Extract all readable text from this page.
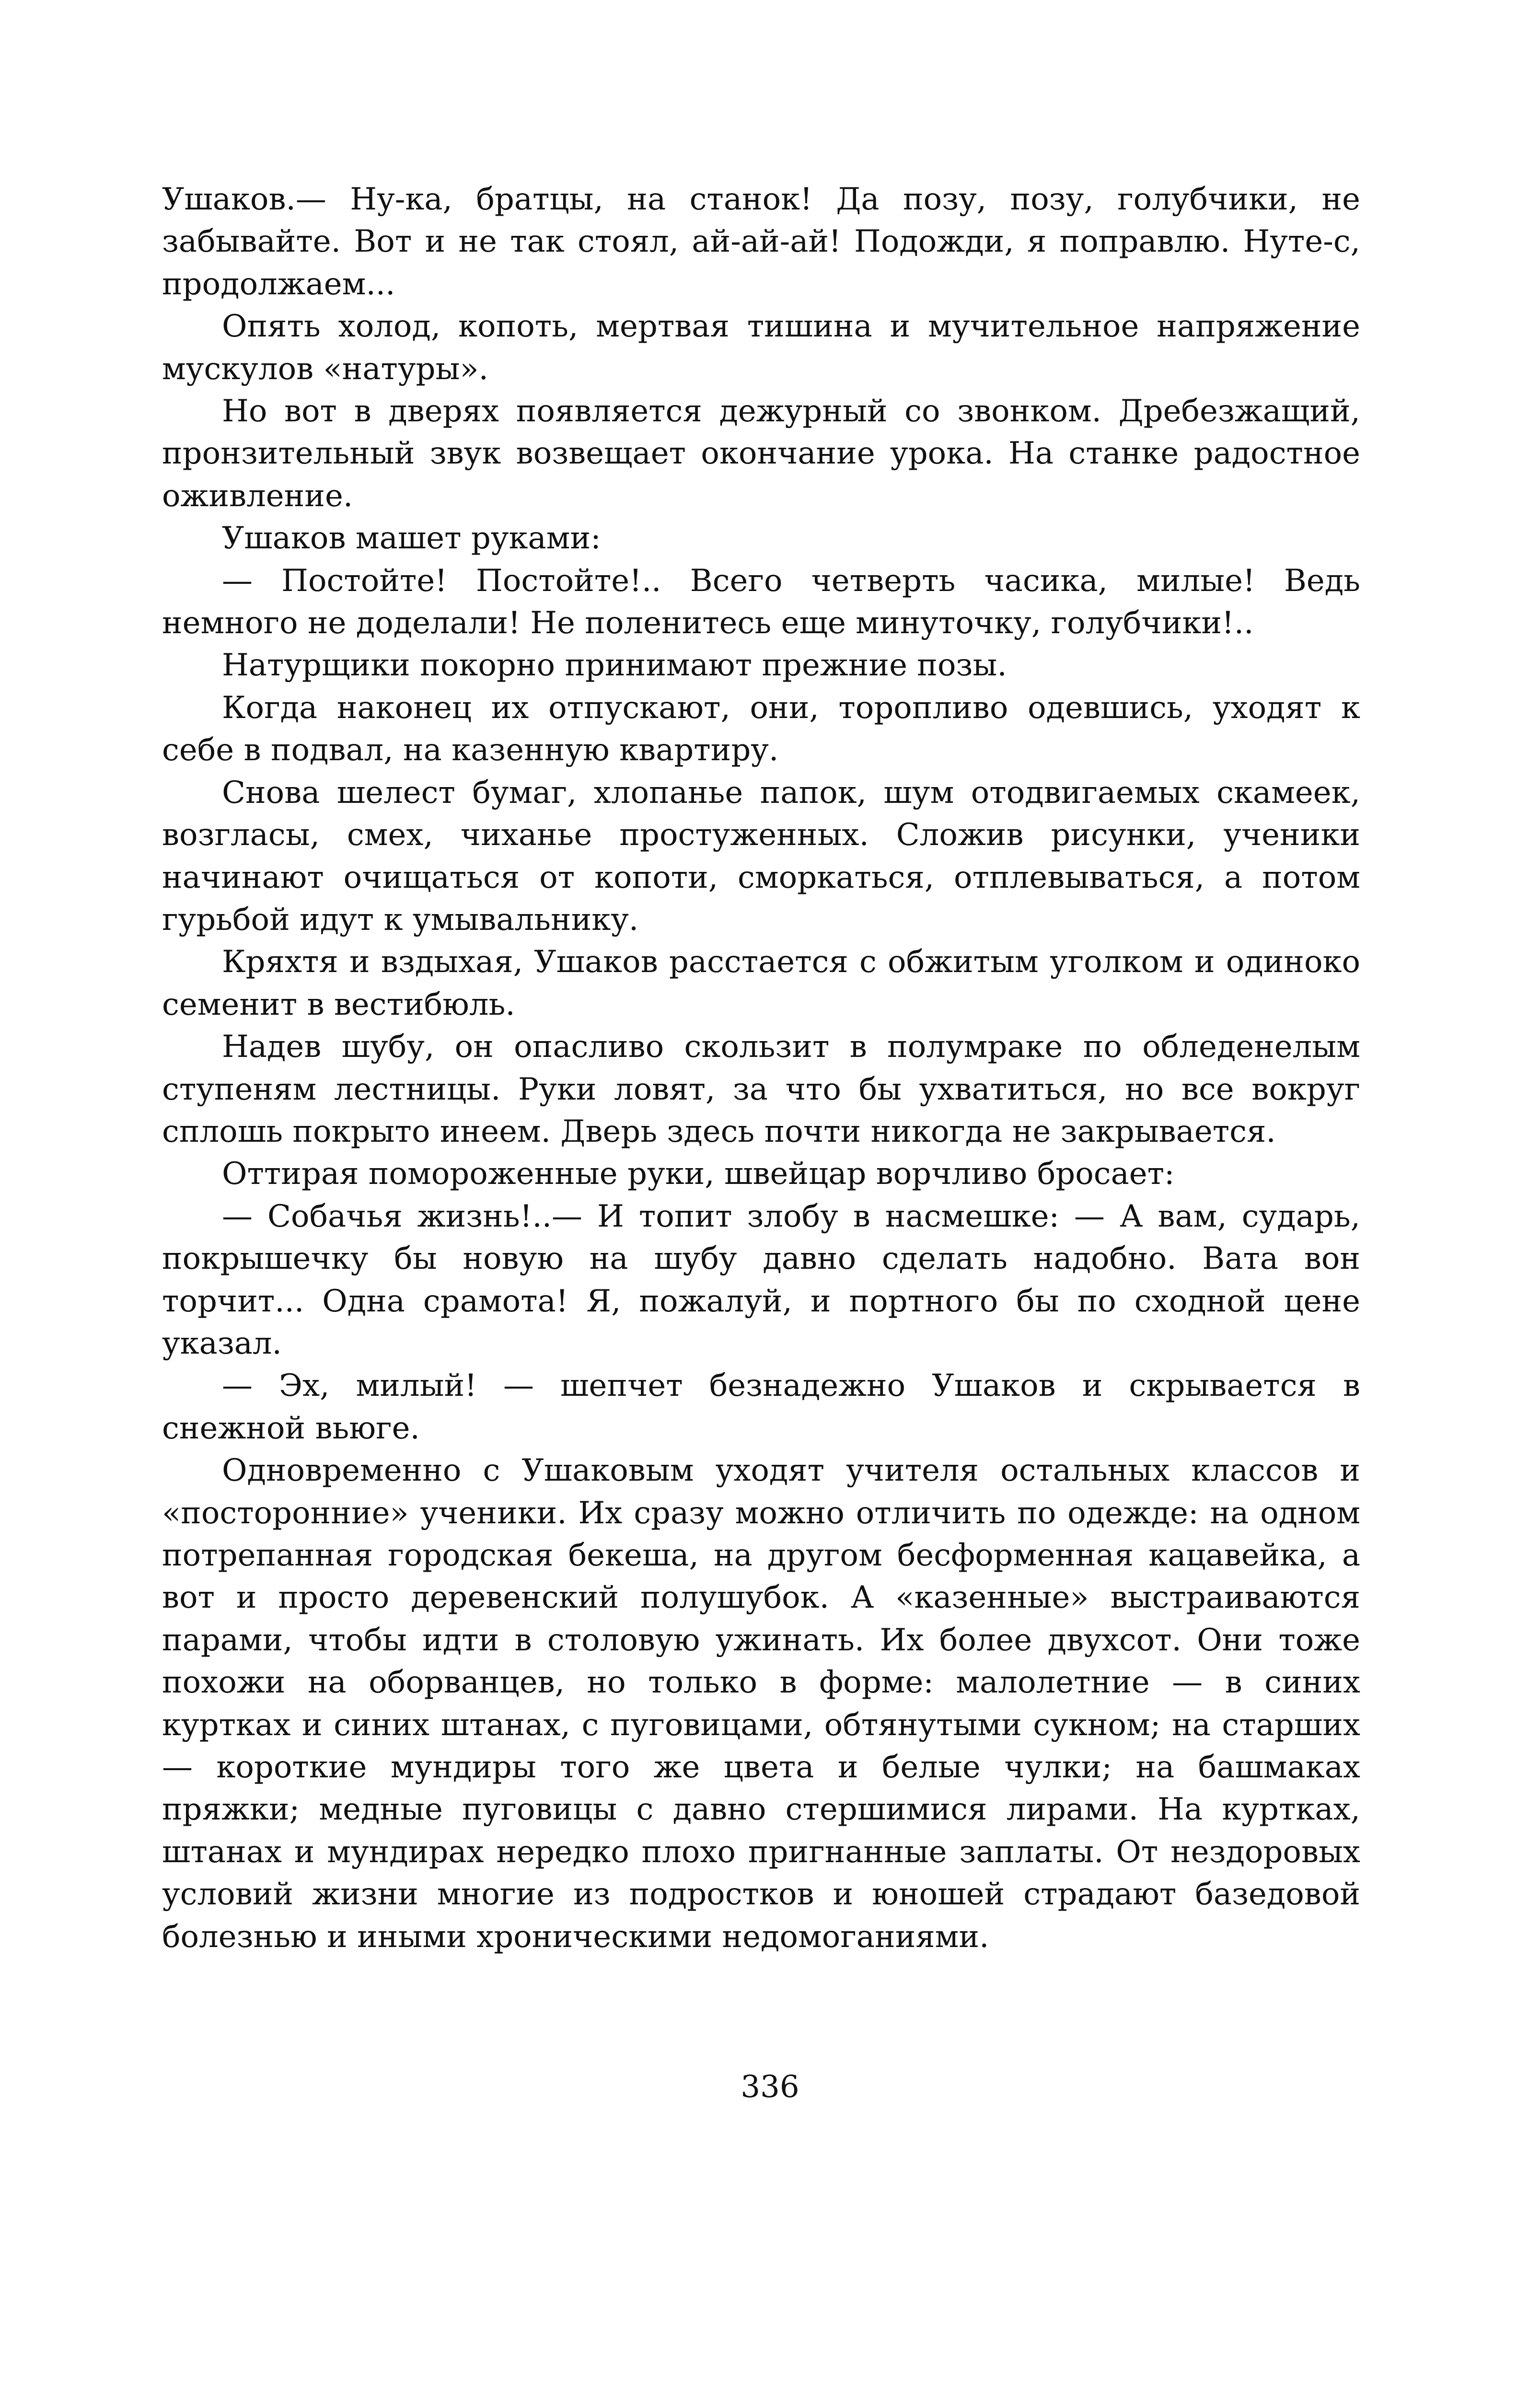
Ушаков.— Ну-ка, братцы, на станок! Да позу, позу, голубчики, не забывайте. Вот и не так стоял, ай-ай-ай! Подожди, я поправлю. Нуте-с, продолжаем...

Опять холод, копоть, мертвая тишина и мучительное напряжение мускулов «натуры».

Но вот в дверях появляется дежурный со звонком. Дребезжащий, пронзительный звук возвещает окончание урока. На станке радостное оживление.

Ушаков машет руками:

— Постойте! Постойте!.. Всего четверть часика, милые! Ведь немного не доделали! Не поленитесь еще минуточку, голубчики!..

Натурщики покорно принимают прежние позы.

Когда наконец их отпускают, они, торопливо одевшись, уходят к себе в подвал, на казенную квартиру.

Снова шелест бумаг, хлопанье папок, шум отодвигаемых скамеек, возгласы, смех, чиханье простуженных. Сложив рисунки, ученики начинают очищаться от копоти, сморкаться, отплевываться, а потом гурьбой идут к умывальнику.

Кряхтя и вздыхая, Ушаков расстается с обжитым уголком и одиноко семенит в вестибюль.

Надев шубу, он опасливо скользит в полумраке по обледенелым ступеням лестницы. Руки ловят, за что бы ухватиться, но все вокруг сплошь покрыто инеем. Дверь здесь почти никогда не закрывается.

Оттирая помороженные руки, швейцар ворчливо бросает:

— Собачья жизнь!..— И топит злобу в насмешке: — А вам, сударь, покрышечку бы новую на шубу давно сделать надобно. Вата вон торчит... Одна срамота! Я, пожалуй, и портного бы по сходной цене указал.

— Эх, милый! — шепчет безнадежно Ушаков и скрывается в снежной вьюге.

Одновременно с Ушаковым уходят учителя остальных классов и «посторонние» ученики. Их сразу можно отличить по одежде: на одном потрепанная городская бекеша, на другом бесформенная кацавейка, а вот и просто деревенский полушубок. А «казенные» выстраиваются парами, чтобы идти в столовую ужинать. Их более двухсот. Они тоже похожи на оборванцев, но только в форме: малолетние — в синих куртках и синих штанах, с пуговицами, обтянутыми сукном; на старших — короткие мундиры того же цвета и белые чулки; на башмаках пряжки; медные пуговицы с давно стершимися лирами. На куртках, штанах и мундирах нередко плохо пригнанные заплаты. От нездоровых условий жизни многие из подростков и юношей страдают базедовой болезнью и иными хроническими недомоганиями.

336
